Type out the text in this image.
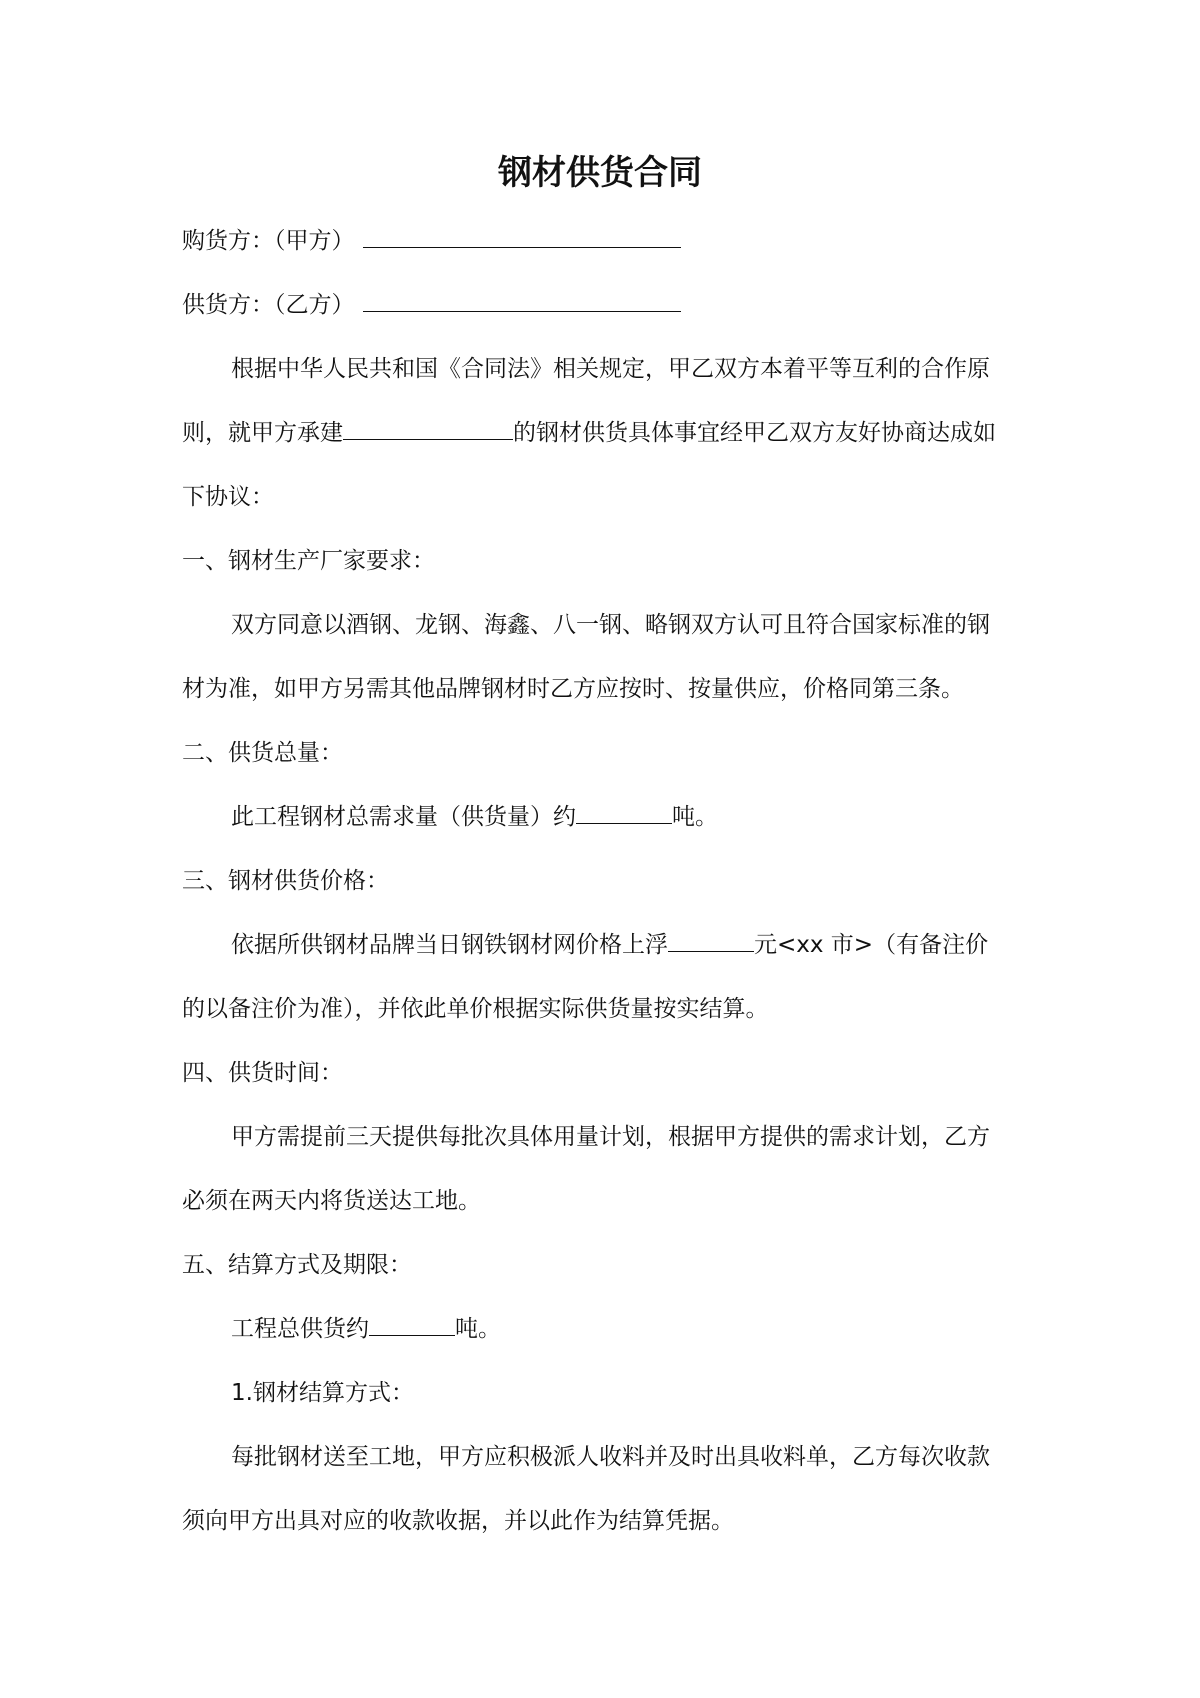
钢材供货合同
购货方：（甲方）
供货方：（乙方）
根据中华人民共和国《合同法》相关规定，甲乙双方本着平等互利的合作原
则，就甲方承建	的钢材供货具体事宜经甲乙双方友好协商达成如
下协议：
一、钢材生产厂家要求：
双方同意以酒钢、龙钢、海鑫、八一钢、略钢双方认可且符合国家标准的钢
材为准，如甲方另需其他品牌钢材时乙方应按时、按量供应，价格同第三条。
二、供货总量：
此工程钢材总需求量（供货量）约	吨。
三、钢材供货价格：
依据所供钢材品牌当日钢铁钢材网价格上浮	元<xx 市>（有备注价
的以备注价为准），并依此单价根据实际供货量按实结算。
四、供货时间：
甲方需提前三天提供每批次具体用量计划，根据甲方提供的需求计划，乙方
必须在两天内将货送达工地。
五、结算方式及期限：
工程总供货约	吨。
1.钢材结算方式：
每批钢材送至工地，甲方应积极派人收料并及时出具收料单，乙方每次收款
须向甲方出具对应的收款收据，并以此作为结算凭据。
